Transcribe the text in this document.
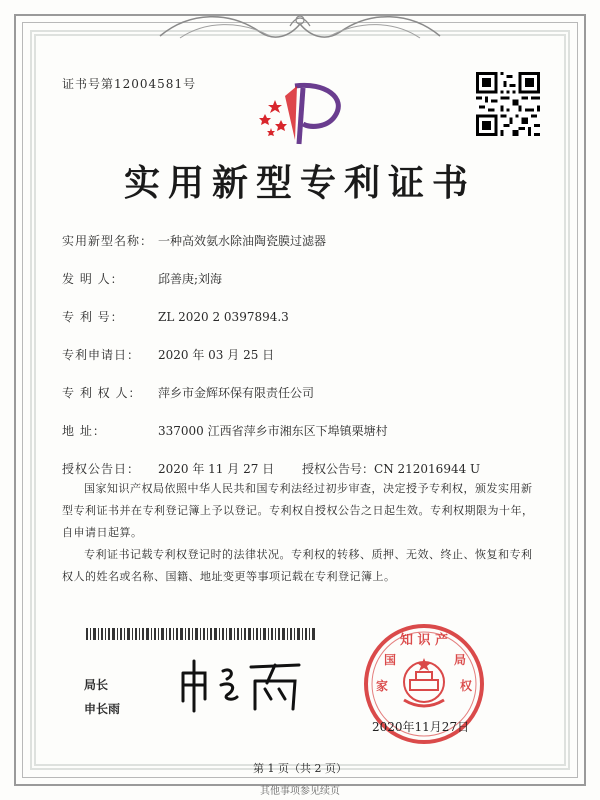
证书号第12004581号
实用新型专利证书
实用新型名称： 一种高效氨水除油陶瓷膜过滤器
发 明 人：	邱善庚;刘海
专 利 号：	ZL 2020 2 0397894.3
专利申请日： 2020 年 03 月 25 日
专 利 权 人： 萍乡市金辉环保有限责任公司
地 址：	337000 江西省萍乡市湘东区下埠镇栗塘村
授权公告日： 2020 年 11 月 27 日 授权公告号：CN 212016944 U

国家知识产权局依照中华人民共和国专利法经过初步审查，决定授予专利权，颁发实用新型专利证书并在专利登记簿上予以登记。专利权自授权公告之日起生效。专利权期限为十年，自申请日起算。

专利证书记载专利权登记时的法律状况。专利权的转移、质押、无效、终止、恢复和专利权人的姓名或名称、国籍、地址变更等事项记载在专利登记簿上。

局长
申长雨
知 识 产
家	权
国	局
2020年11月27日
第 1 页（共 2 页）
其他事项参见续页
